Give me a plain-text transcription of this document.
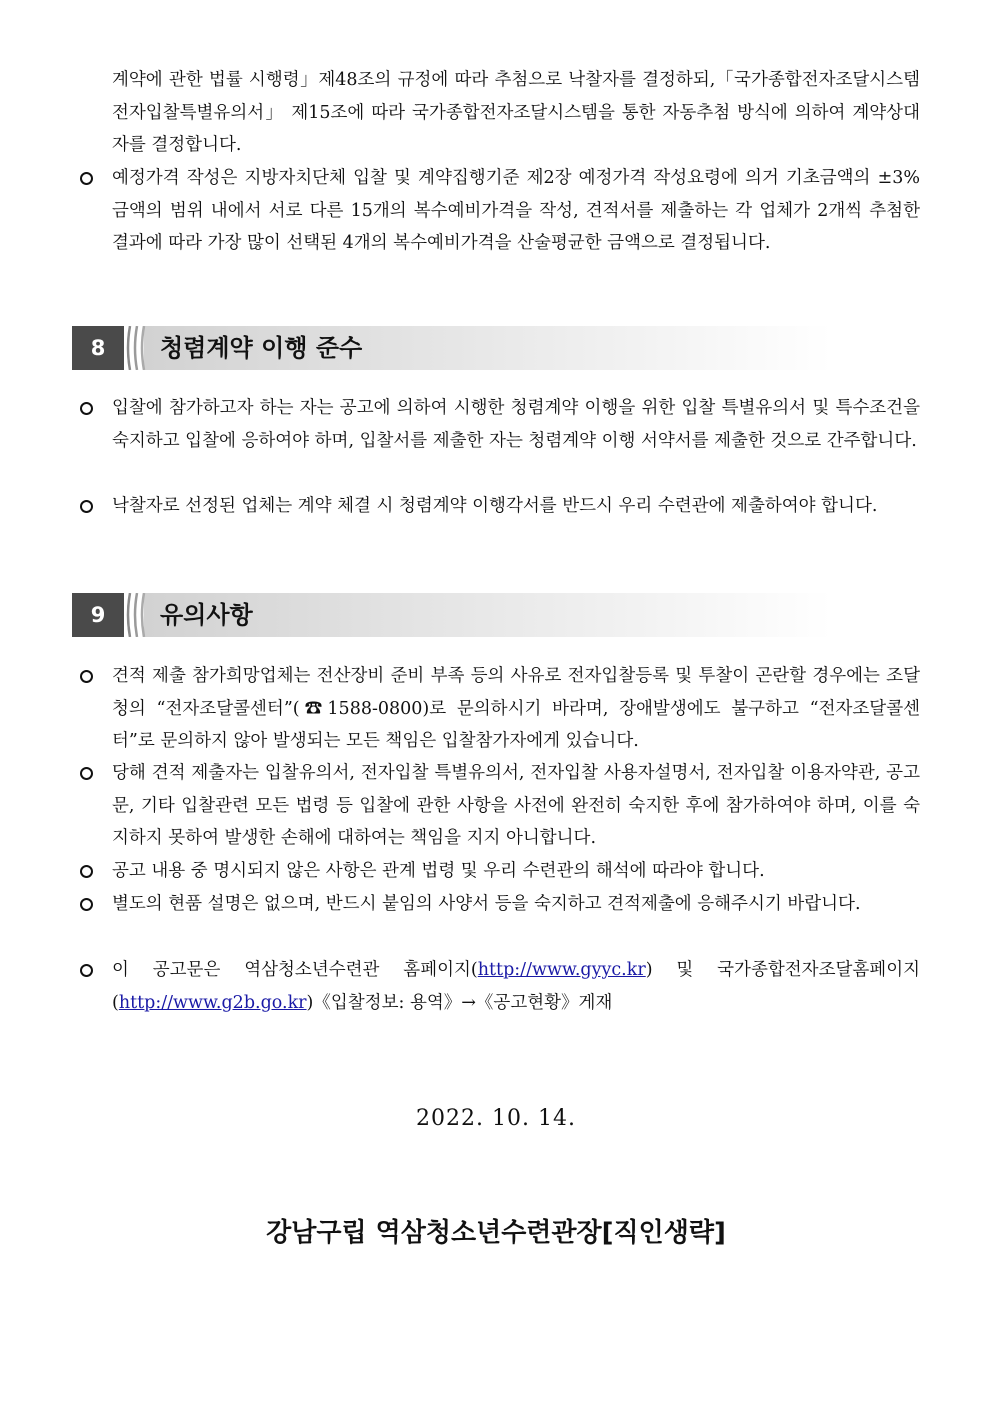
계약에 관한 법률 시행령」제48조의 규정에 따라 추첨으로 낙찰자를 결정하되,「국가종합전자조달시스템 전자입찰특별유의서」 제15조에 따라 국가종합전자조달시스템을 통한 자동추첨 방식에 의하여 계약상대자를 결정합니다.
예정가격 작성은 지방자치단체 입찰 및 계약집행기준 제2장 예정가격 작성요령에 의거 기초금액의 ±3% 금액의 범위 내에서 서로 다른 15개의 복수예비가격을 작성, 견적서를 제출하는 각 업체가 2개씩 추첨한 결과에 따라 가장 많이 선택된 4개의 복수예비가격을 산술평균한 금액으로 결정됩니다.
8	청렴계약 이행 준수
입찰에 참가하고자 하는 자는 공고에 의하여 시행한 청렴계약 이행을 위한 입찰 특별유의서 및 특수조건을 숙지하고 입찰에 응하여야 하며, 입찰서를 제출한 자는 청렴계약 이행 서약서를 제출한 것으로 간주합니다.
낙찰자로 선정된 업체는 계약 체결 시 청렴계약 이행각서를 반드시 우리 수련관에 제출하여야 합니다.
9	유의사항
견적 제출 참가희망업체는 전산장비 준비 부족 등의 사유로 전자입찰등록 및 투찰이 곤란할 경우에는 조달청의 “전자조달콜센터”(☎1588-0800)로 문의하시기 바라며, 장애발생에도 불구하고 “전자조달콜센터”로 문의하지 않아 발생되는 모든 책임은 입찰참가자에게 있습니다.
당해 견적 제출자는 입찰유의서, 전자입찰 특별유의서, 전자입찰 사용자설명서, 전자입찰 이용자약관, 공고문, 기타 입찰관련 모든 법령 등 입찰에 관한 사항을 사전에 완전히 숙지한 후에 참가하여야 하며, 이를 숙지하지 못하여 발생한 손해에 대하여는 책임을 지지 아니합니다.
공고 내용 중 명시되지 않은 사항은 관계 법령 및 우리 수련관의 해석에 따라야 합니다.
별도의 현품 설명은 없으며, 반드시 붙임의 사양서 등을 숙지하고 견적제출에 응해주시기 바랍니다.
이 공고문은 역삼청소년수련관 홈페이지(http://www.gyyc.kr) 및 국가종합전자조달홈페이지(http://www.g2b.go.kr)《입찰정보: 용역》→《공고현황》게재
2022. 10. 14.
강남구립 역삼청소년수련관장[직인생략]
